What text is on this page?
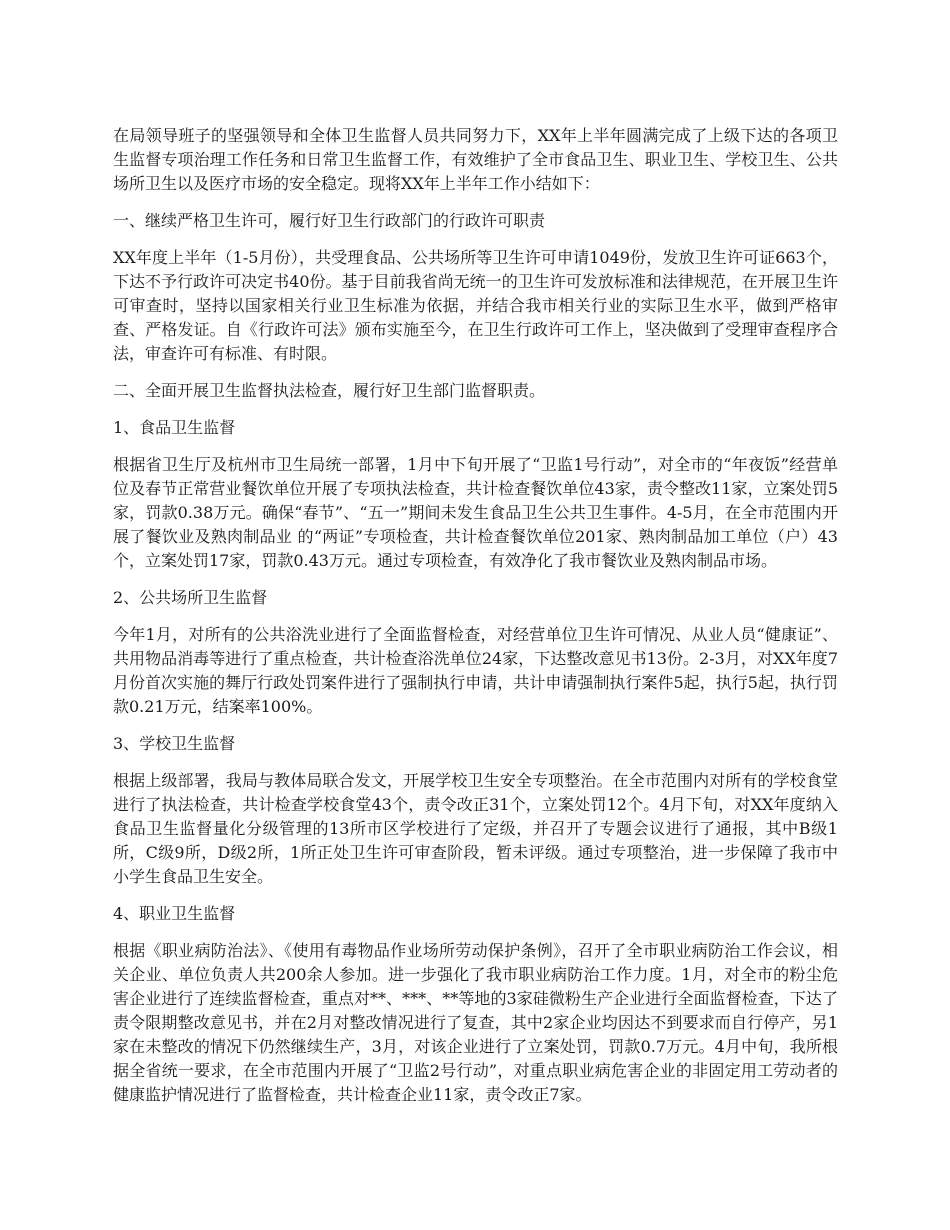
在局领导班子的坚强领导和全体卫生监督人员共同努力下，XX年上半年圆满完成了上级下达的各项卫生监督专项治理工作任务和日常卫生监督工作，有效维护了全市食品卫生、职业卫生、学校卫生、公共场所卫生以及医疗市场的安全稳定。现将XX年上半年工作小结如下：

一、继续严格卫生许可，履行好卫生行政部门的行政许可职责

XX年度上半年（1-5月份），共受理食品、公共场所等卫生许可申请1049份，发放卫生许可证663个，下达不予行政许可决定书40份。基于目前我省尚无统一的卫生许可发放标准和法律规范，在开展卫生许可审查时，坚持以国家相关行业卫生标准为依据，并结合我市相关行业的实际卫生水平，做到严格审查、严格发证。自《行政许可法》颁布实施至今，在卫生行政许可工作上，坚决做到了受理审查程序合法，审查许可有标准、有时限。

二、全面开展卫生监督执法检查，履行好卫生部门监督职责。

1、食品卫生监督

根据省卫生厅及杭州市卫生局统一部署，1月中下旬开展了“卫监1号行动”，对全市的“年夜饭”经营单位及春节正常营业餐饮单位开展了专项执法检查，共计检查餐饮单位43家，责令整改11家，立案处罚5家，罚款0.38万元。确保“春节”、“五一”期间未发生食品卫生公共卫生事件。4-5月，在全市范围内开展了餐饮业及熟肉制品业 的“两证”专项检查，共计检查餐饮单位201家、熟肉制品加工单位（户）43个，立案处罚17家，罚款0.43万元。通过专项检查，有效净化了我市餐饮业及熟肉制品市场。

2、公共场所卫生监督

今年1月，对所有的公共浴洗业进行了全面监督检查，对经营单位卫生许可情况、从业人员“健康证”、共用物品消毒等进行了重点检查，共计检查浴洗单位24家，下达整改意见书13份。2-3月，对XX年度7月份首次实施的舞厅行政处罚案件进行了强制执行申请，共计申请强制执行案件5起，执行5起，执行罚款0.21万元，结案率100%。

3、学校卫生监督

根据上级部署，我局与教体局联合发文，开展学校卫生安全专项整治。在全市范围内对所有的学校食堂进行了执法检查，共计检查学校食堂43个，责令改正31个，立案处罚12个。4月下旬，对XX年度纳入食品卫生监督量化分级管理的13所市区学校进行了定级，并召开了专题会议进行了通报，其中B级1所，C级9所，D级2所，1所正处卫生许可审查阶段，暂未评级。通过专项整治，进一步保障了我市中小学生食品卫生安全。

4、职业卫生监督

根据《职业病防治法》、《使用有毒物品作业场所劳动保护条例》，召开了全市职业病防治工作会议，相关企业、单位负责人共200余人参加。进一步强化了我市职业病防治工作力度。1月，对全市的粉尘危害企业进行了连续监督检查，重点对**、***、**等地的3家硅微粉生产企业进行全面监督检查，下达了责令限期整改意见书，并在2月对整改情况进行了复查，其中2家企业均因达不到要求而自行停产，另1家在未整改的情况下仍然继续生产，3月，对该企业进行了立案处罚，罚款0.7万元。4月中旬，我所根据全省统一要求，在全市范围内开展了“卫监2号行动”，对重点职业病危害企业的非固定用工劳动者的健康监护情况进行了监督检查，共计检查企业11家，责令改正7家。
